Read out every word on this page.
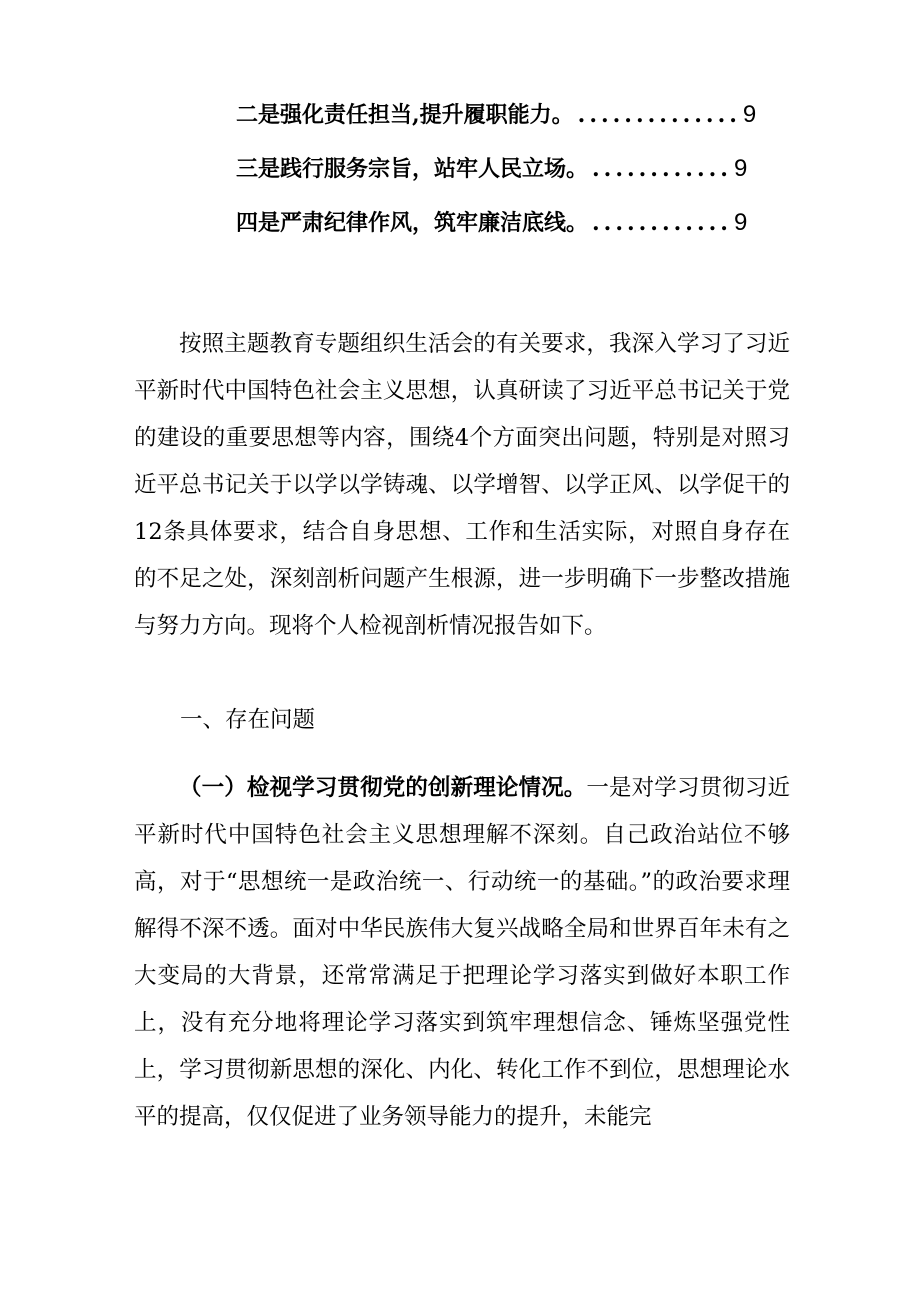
二是强化责任担当,提升履职能力。 .............. 9
三是践行服务宗旨，站牢人民立场。 ............ 9
四是严肃纪律作风，筑牢廉洁底线。 ............ 9

按照主题教育专题组织生活会的有关要求，我深入学习了习近平新时代中国特色社会主义思想，认真研读了习近平总书记关于党的建设的重要思想等内容，围绕4个方面突出问题，特别是对照习近平总书记关于以学以学铸魂、以学增智、以学正风、以学促干的12条具体要求，结合自身思想、工作和生活实际，对照自身存在的不足之处，深刻剖析问题产生根源，进一步明确下一步整改措施与努力方向。现将个人检视剖析情况报告如下。

一、存在问题

（一）检视学习贯彻党的创新理论情况。一是对学习贯彻习近平新时代中国特色社会主义思想理解不深刻。自己政治站位不够高，对于“思想统一是政治统一、行动统一的基础。”的政治要求理解得不深不透。面对中华民族伟大复兴战略全局和世界百年未有之大变局的大背景，还常常满足于把理论学习落实到做好本职工作上，没有充分地将理论学习落实到筑牢理想信念、锤炼坚强党性上，学习贯彻新思想的深化、内化、转化工作不到位，思想理论水平的提高，仅仅促进了业务领导能力的提升，未能完
